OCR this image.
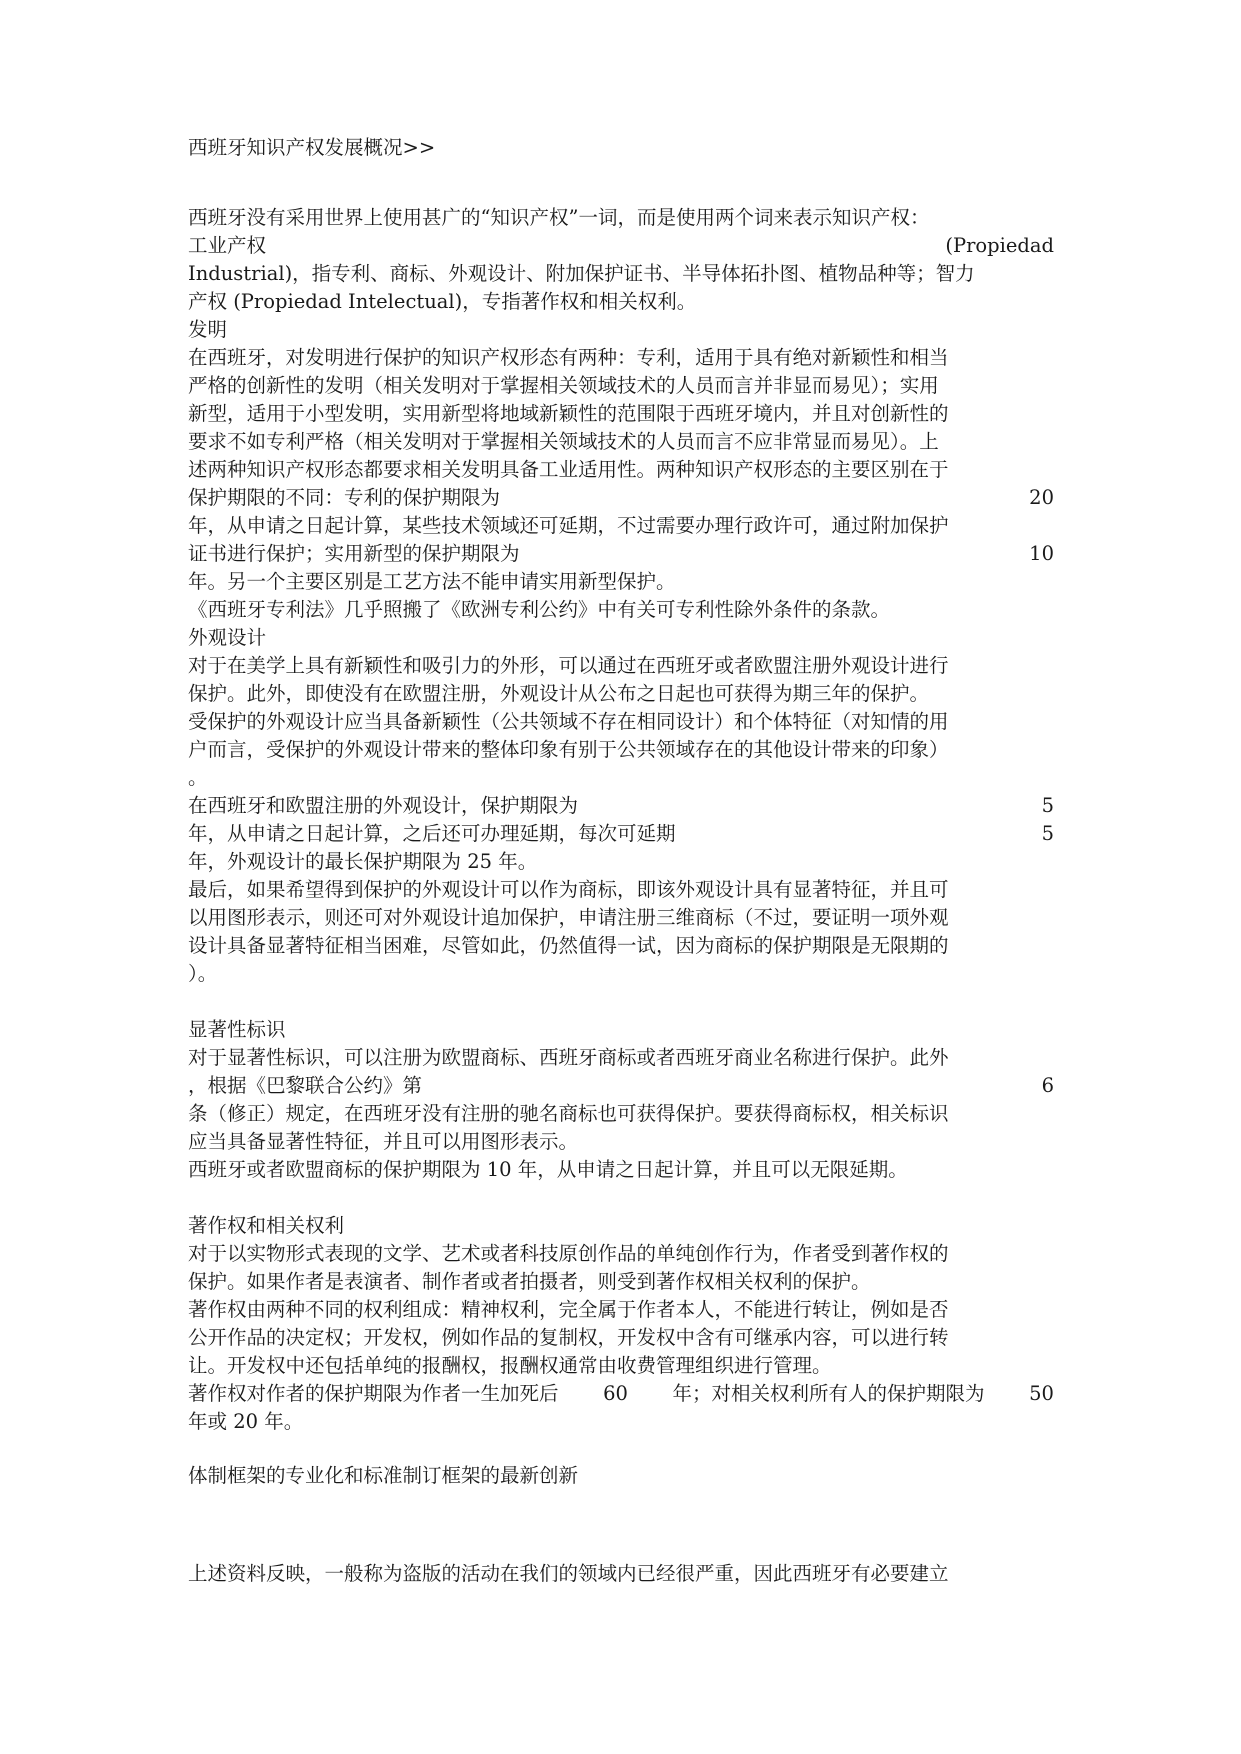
西班牙知识产权发展概况>>
西班牙没有采用世界上使用甚广的“知识产权”一词，而是使用两个词来表示知识产权：
工业产权	(Propiedad
Industrial)，指专利、商标、外观设计、附加保护证书、半导体拓扑图、植物品种等；智力
产权 (Propiedad Intelectual)，专指著作权和相关权利。
发明
在西班牙，对发明进行保护的知识产权形态有两种：专利，适用于具有绝对新颖性和相当
严格的创新性的发明（相关发明对于掌握相关领域技术的人员而言并非显而易见）；实用
新型，适用于小型发明，实用新型将地域新颖性的范围限于西班牙境内，并且对创新性的
要求不如专利严格（相关发明对于掌握相关领域技术的人员而言不应非常显而易见）。上
述两种知识产权形态都要求相关发明具备工业适用性。两种知识产权形态的主要区别在于
保护期限的不同：专利的保护期限为	20
年，从申请之日起计算，某些技术领域还可延期，不过需要办理行政许可，通过附加保护
证书进行保护；实用新型的保护期限为	10
年。另一个主要区别是工艺方法不能申请实用新型保护。
《西班牙专利法》几乎照搬了《欧洲专利公约》中有关可专利性除外条件的条款。
外观设计
对于在美学上具有新颖性和吸引力的外形，可以通过在西班牙或者欧盟注册外观设计进行
保护。此外，即使没有在欧盟注册，外观设计从公布之日起也可获得为期三年的保护。
受保护的外观设计应当具备新颖性（公共领域不存在相同设计）和个体特征（对知情的用
户而言，受保护的外观设计带来的整体印象有别于公共领域存在的其他设计带来的印象）
。
在西班牙和欧盟注册的外观设计，保护期限为	5
年，从申请之日起计算，之后还可办理延期，每次可延期	5
年，外观设计的最长保护期限为 25 年。
最后，如果希望得到保护的外观设计可以作为商标，即该外观设计具有显著特征，并且可
以用图形表示，则还可对外观设计追加保护，申请注册三维商标（不过，要证明一项外观
设计具备显著特征相当困难，尽管如此，仍然值得一试，因为商标的保护期限是无限期的
）。
显著性标识
对于显著性标识，可以注册为欧盟商标、西班牙商标或者西班牙商业名称进行保护。此外
，根据《巴黎联合公约》第	6
条（修正）规定，在西班牙没有注册的驰名商标也可获得保护。要获得商标权，相关标识
应当具备显著性特征，并且可以用图形表示。
西班牙或者欧盟商标的保护期限为 10 年，从申请之日起计算，并且可以无限延期。
著作权和相关权利
对于以实物形式表现的文学、艺术或者科技原创作品的单纯创作行为，作者受到著作权的
保护。如果作者是表演者、制作者或者拍摄者，则受到著作权相关权利的保护。
著作权由两种不同的权利组成：精神权利，完全属于作者本人，不能进行转让，例如是否
公开作品的决定权；开发权，例如作品的复制权，开发权中含有可继承内容，可以进行转
让。开发权中还包括单纯的报酬权，报酬权通常由收费管理组织进行管理。
著作权对作者的保护期限为作者一生加死后 60 年；对相关权利所有人的保护期限为 50
年或 20 年。
体制框架的专业化和标准制订框架的最新创新
上述资料反映，一般称为盗版的活动在我们的领域内已经很严重，因此西班牙有必要建立
